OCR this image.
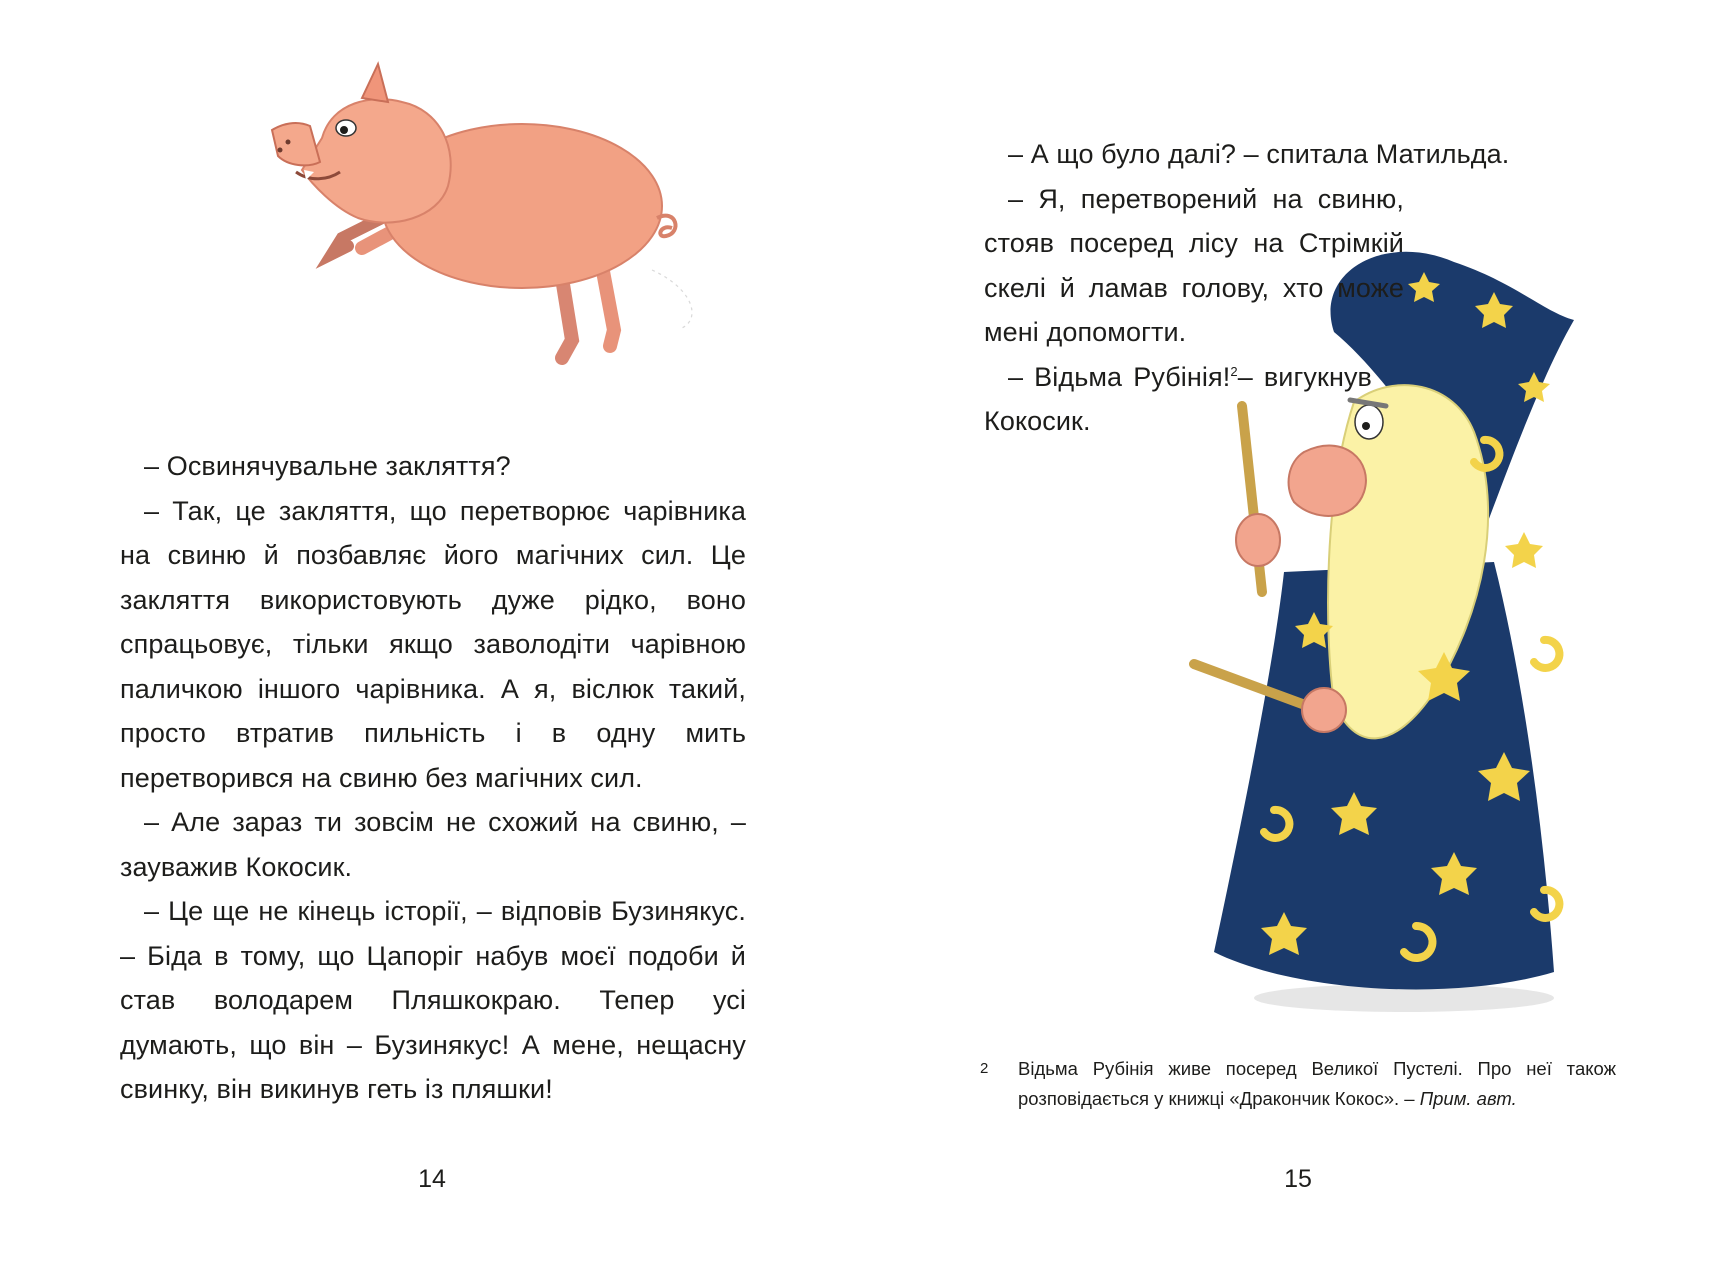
– Освинячувальне закляття?

– Так, це закляття, що перетворює чарівника на свиню й позбавляє його магічних сил. Це закляття використовують дуже рідко, воно спрацьовує, тільки якщо заволодіти чарівною паличкою іншого чарівника. А я, віслюк такий, просто втратив пильність і в одну мить перетворився на свиню без магічних сил.

– Але зараз ти зовсім не схожий на свиню, – зауважив Кокосик.

– Це ще не кінець історії, – відповів Бузинякус. – Біда в тому, що Цапоріг набув моєї подоби й став володарем Пляшкокраю. Тепер усі думають, що він – Бузинякус! А мене, нещасну свинку, він викинув геть із пляшки!

14

– А що було далі? – спитала Матильда.

– Я, перетворений на свиню, стояв посеред лісу на Стрімкій скелі й ламав голову, хто може мені допомогти.

– Відьма Рубінія!$^2$– вигукнув Кокосик.

2 Відьма Рубінія живе посеред Великої Пустелі. Про неї також розповідається у книжці «Дракончик Кокос». – Прим. авт.
15
